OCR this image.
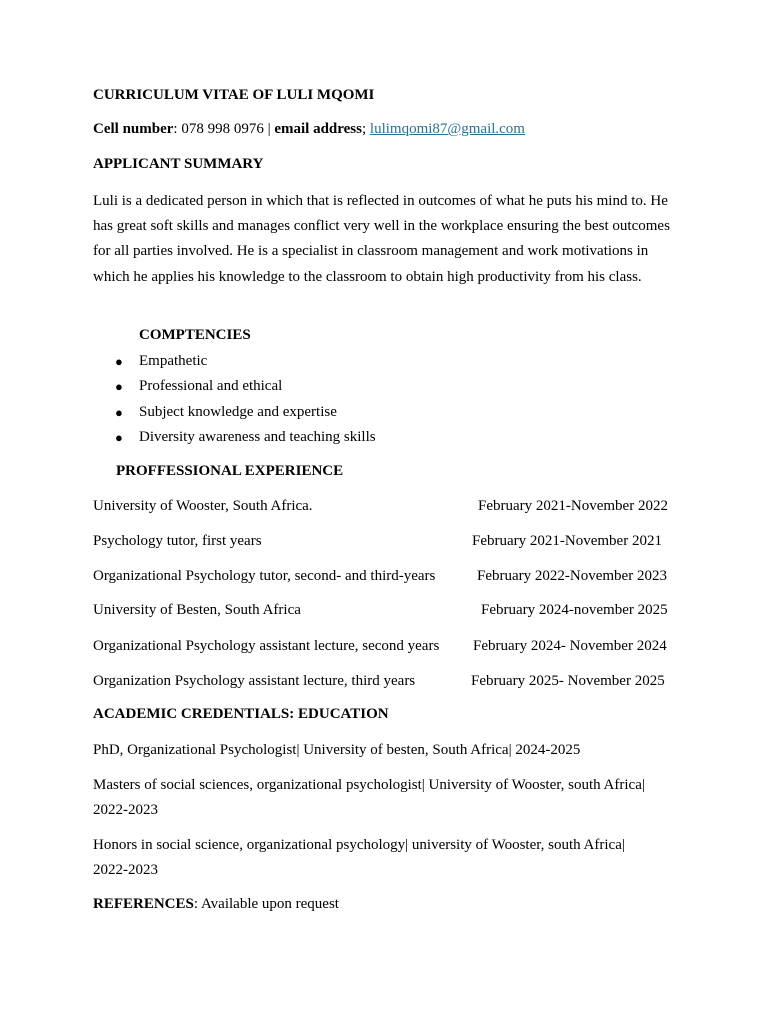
CURRICULUM VITAE OF LULI MQOMI
Cell number: 078 998 0976 | email address; lulimqomi87@gmail.com
APPLICANT SUMMARY
Luli is a dedicated person in which that is reflected in outcomes of what he puts his mind to. He has great soft skills and manages conflict very well in the workplace ensuring the best outcomes for all parties involved. He is a specialist in classroom management and work motivations in which he applies his knowledge to the classroom to obtain high productivity from his class.
COMPTENCIES
● Empathetic
● Professional and ethical
● Subject knowledge and expertise
● Diversity awareness and teaching skills
PROFFESSIONAL EXPERIENCE
University of Wooster, South Africa.	February 2021-November 2022
Psychology tutor, first years	February 2021-November 2021
Organizational Psychology tutor, second- and third-years	February 2022-November 2023
University of Besten, South Africa	February 2024-november 2025
Organizational Psychology assistant lecture, second years February 2024- November 2024
Organization Psychology assistant lecture, third years	February 2025- November 2025
ACADEMIC CREDENTIALS: EDUCATION
PhD, Organizational Psychologist| University of besten, South Africa| 2024-2025
Masters of social sciences, organizational psychologist| University of Wooster, south Africa| 2022-2023
Honors in social science, organizational psychology| university of Wooster, south Africa| 2022-2023
REFERENCES: Available upon request
